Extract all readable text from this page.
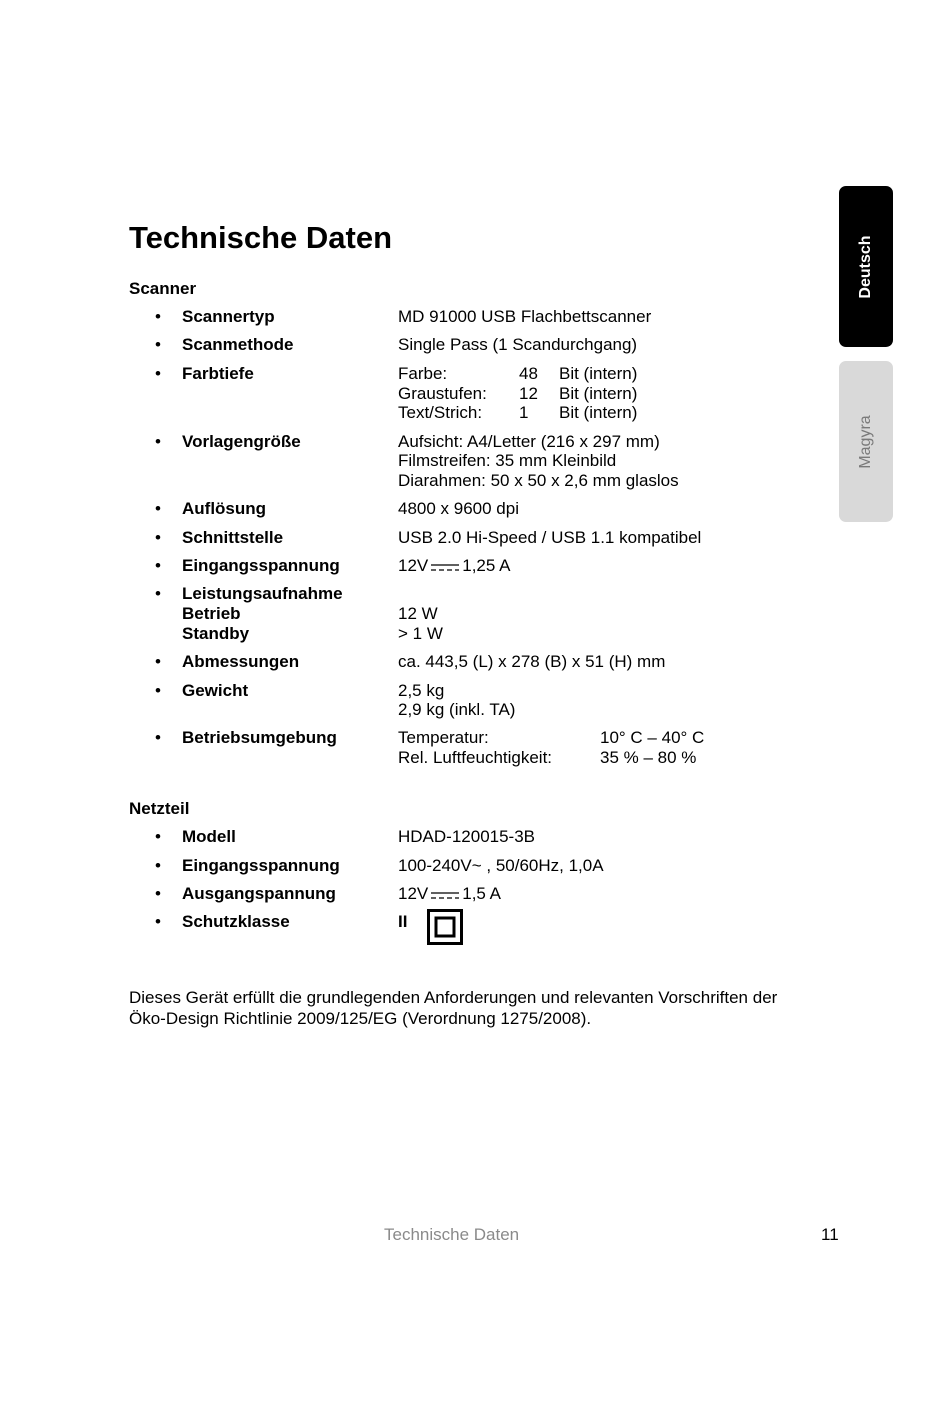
Deutsch
Magyra
Technische Daten
Scanner
• Scannertyp	MD 91000 USB Flachbettscanner
• Scanmethode	Single Pass (1 Scandurchgang)
• Farbtiefe	Farbe:	48 Bit (intern)
Graustufen: 12 Bit (intern)
Text/Strich: 1 Bit (intern)
• Vorlagengröße	Aufsicht: A4/Letter (216 x 297 mm)
Filmstreifen: 35 mm Kleinbild
Diarahmen: 50 x 50 x 2,6 mm glaslos
• Auflösung	4800 x 9600 dpi
• Schnittstelle	USB 2.0 Hi-Speed / USB 1.1 kompatibel
• Eingangsspannung	12V 1,25 A
• Leistungsaufnahme
Betrieb	12 W
Standby	> 1 W
• Abmessungen	ca. 443,5 (L) x 278 (B) x 51 (H) mm
• Gewicht	2,5 kg
2,9 kg (inkl. TA)
• Betriebsumgebung	Temperatur:	10° C – 40° C
Rel. Luftfeuchtigkeit:	35 % – 80 %
Netzteil
• Modell	HDAD-120015-3B
• Eingangsspannung	100-240V~ , 50/60Hz, 1,0A
• Ausgangspannung	12V 1,5 A
• Schutzklasse	II
Dieses Gerät erfüllt die grundlegenden Anforderungen und relevanten Vorschriften der
Öko-Design Richtlinie 2009/125/EG (Verordnung 1275/2008).
Technische Daten	11
